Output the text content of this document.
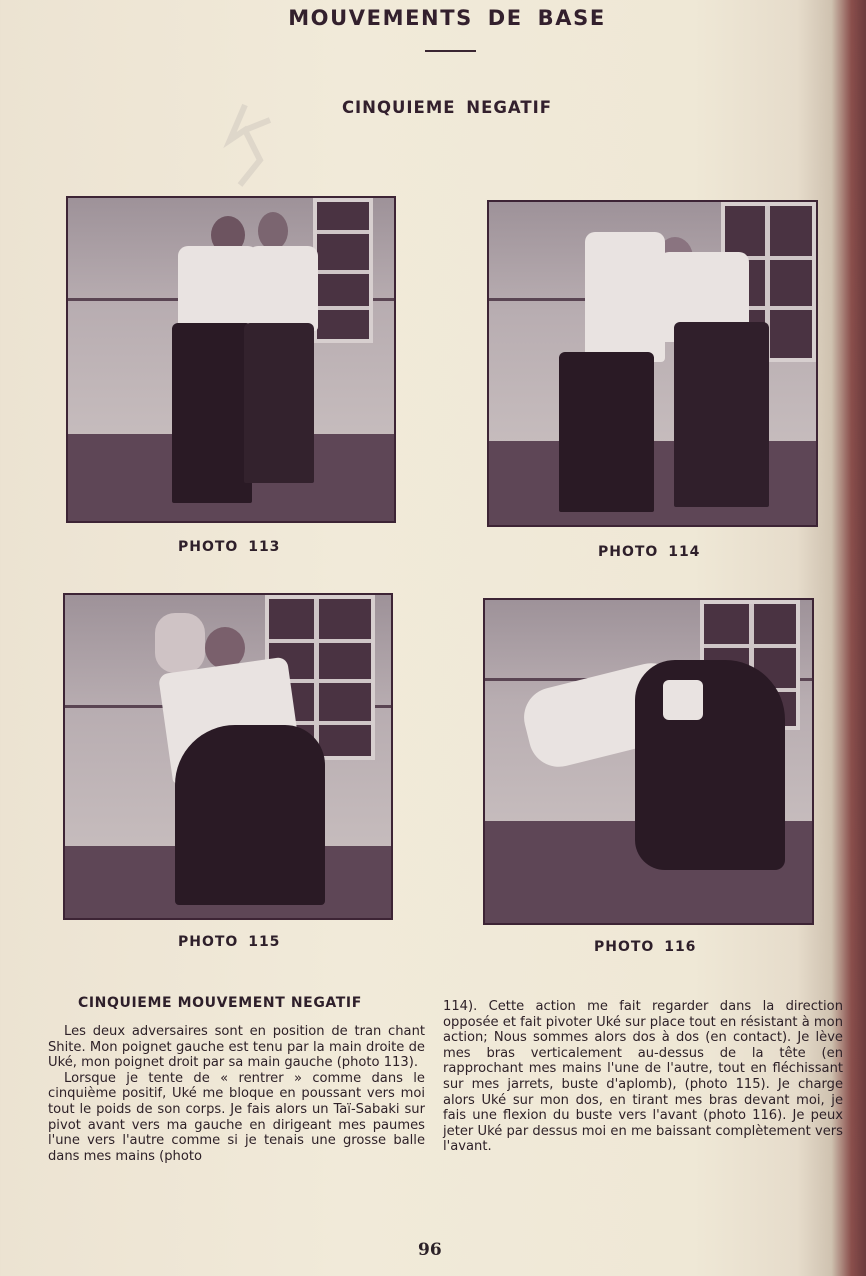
MOUVEMENTS DE BASE
CINQUIEME NEGATIF
PHOTO 113	PHOTO 114
PHOTO 115	PHOTO 116
CINQUIEME MOUVEMENT NEGATIF

Les deux adversaires sont en position de tran chant Shite. Mon poignet gauche est tenu par la main droite de Uké, mon poignet droit par sa main gauche (photo 113).

Lorsque je tente de « rentrer » comme dans le cinquième positif, Uké me bloque en poussant vers moi tout le poids de son corps. Je fais alors un Taï-Sabaki sur pivot avant vers ma gauche en dirigeant mes paumes l'une vers l'autre comme si je tenais une grosse balle dans mes mains (photo

114). Cette action me fait regarder dans la direction opposée et fait pivoter Uké sur place tout en résistant à mon action; Nous sommes alors dos à dos (en contact). Je lève mes bras verticalement au-dessus de la tête (en rapprochant mes mains l'une de l'autre, tout en fléchissant sur mes jarrets, buste d'aplomb), (photo 115). Je charge alors Uké sur mon dos, en tirant mes bras devant moi, je fais une flexion du buste vers l'avant (photo 116). Je peux jeter Uké par dessus moi en me baissant complètement vers l'avant.

96
